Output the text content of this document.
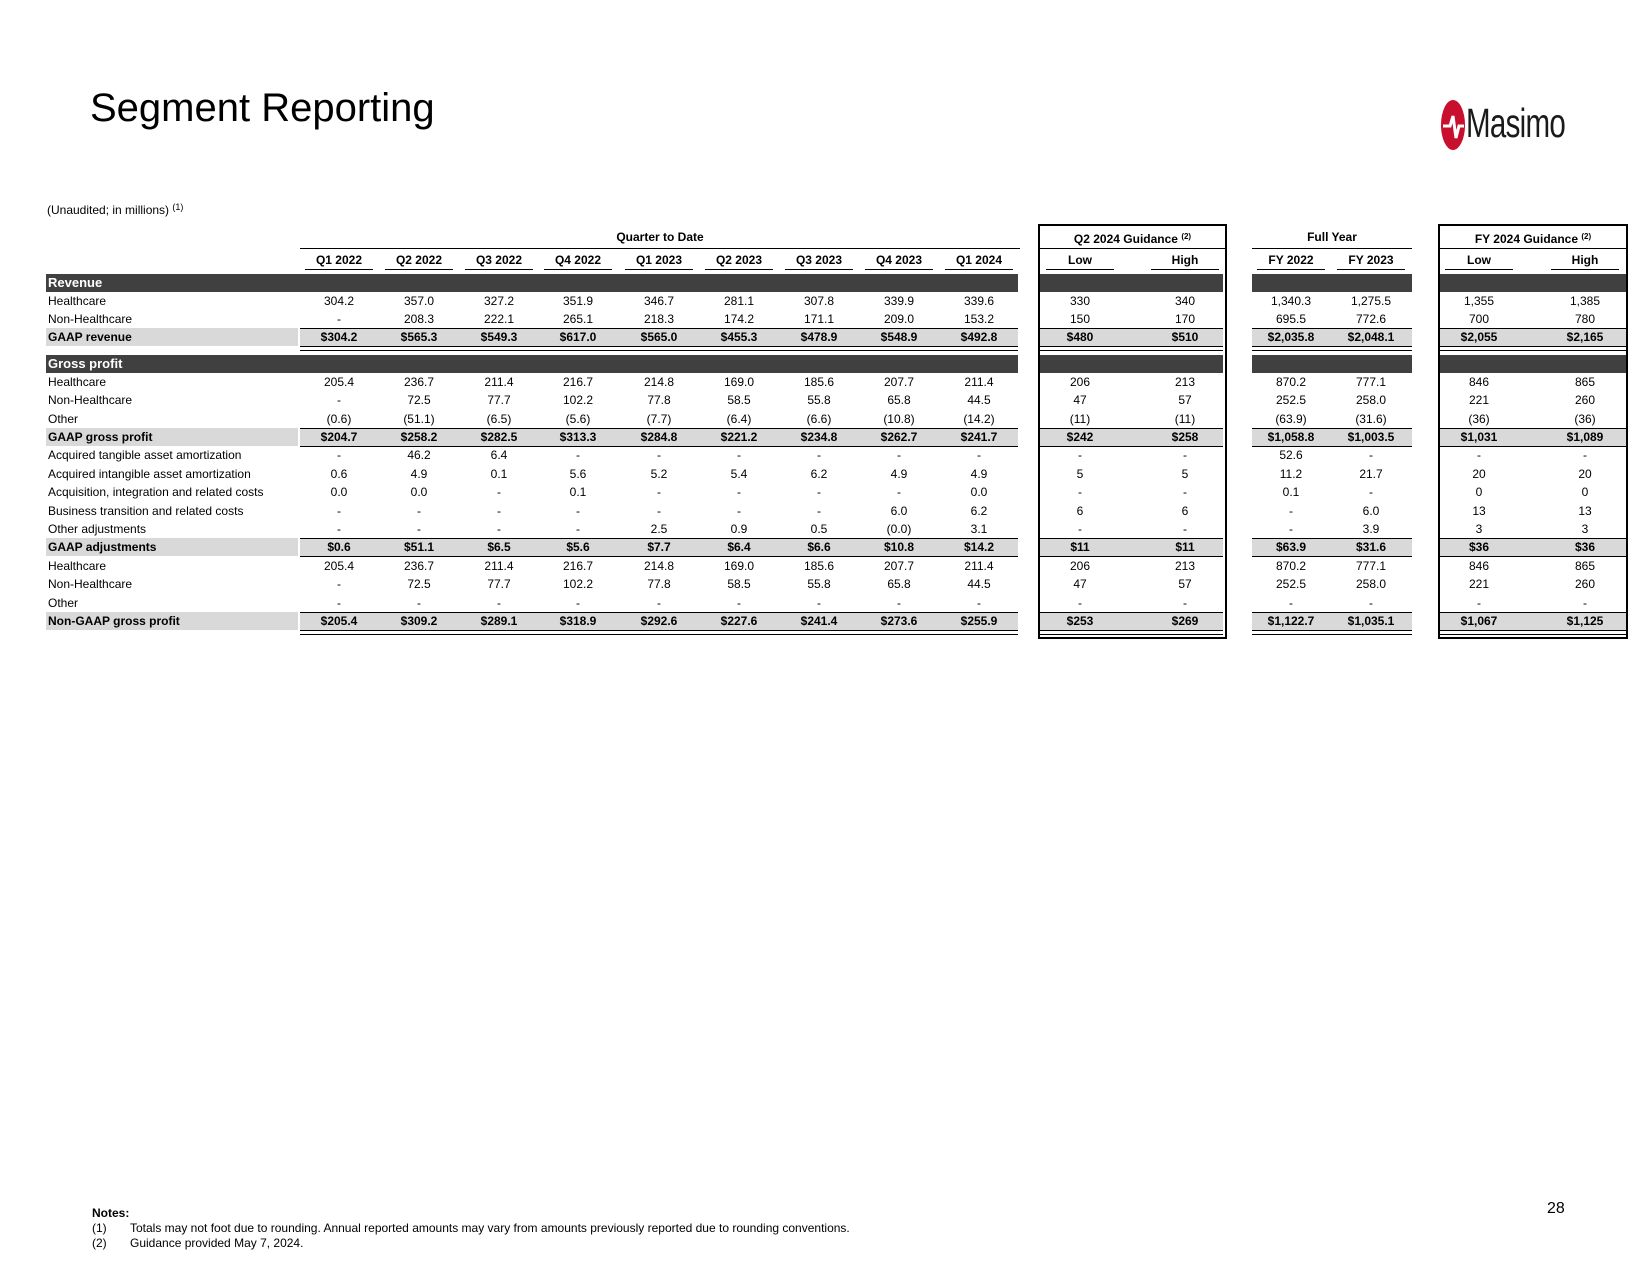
Segment Reporting	Masimo
(Unaudited; in millions) $^{(1)}$
Quarter to Date	Q2 2024 Guidance $^{(2)}$	Full Year	FY 2024 Guidance $^{(2)}$
Q1 2022	Q2 2022	Q3 2022	Q4 2022	Q1 2023	Q2 2023	Q3 2023	Q4 2023	Q1 2024	Low	High	FY 2022	FY 2023	Low	High
Revenue
Gross profit
Healthcare	304.2	357.0	327.2	351.9	346.7	281.1	307.8	339.9	339.6	330	340	1,340.3	1,275.5	1,355	1,385
Non-Healthcare	-	208.3	222.1	265.1	218.3	174.2	171.1	209.0	153.2	150	170	695.5	772.6	700	780
GAAP revenue	$304.2	$565.3	$549.3	$617.0	$565.0	$455.3	$478.9	$548.9	$492.8	$480	$510	$2,035.8	$2,048.1	$2,055	$2,165
Healthcare	205.4	236.7	211.4	216.7	214.8	169.0	185.6	207.7	211.4	206	213	870.2	777.1	846	865
Non-Healthcare	-	72.5	77.7	102.2	77.8	58.5	55.8	65.8	44.5	47	57	252.5	258.0	221	260
Other	(0.6)	(51.1)	(6.5)	(5.6)	(7.7)	(6.4)	(6.6)	(10.8)	(14.2)	(11)	(11)	(63.9)	(31.6)	(36)	(36)
GAAP gross profit	$204.7	$258.2	$282.5	$313.3	$284.8	$221.2	$234.8	$262.7	$241.7	$242	$258	$1,058.8	$1,003.5	$1,031	$1,089
Acquired tangible asset amortization	-	46.2	6.4	-	-	-	-	-	-	-	-	52.6	-	-	-
Acquired intangible asset amortization	0.6	4.9	0.1	5.6	5.2	5.4	6.2	4.9	4.9	5	5	11.2	21.7	20	20
Acquisition, integration and related costs	0.0	0.0	-	0.1	-	-	-	-	0.0	-	-	0.1	-	0	0
Business transition and related costs	-	-	-	-	-	-	-	6.0	6.2	6	6	-	6.0	13	13
Other adjustments	-	-	-	-	2.5	0.9	0.5	(0.0)	3.1	-	-	-	3.9	3	3
GAAP adjustments	$0.6	$51.1	$6.5	$5.6	$7.7	$6.4	$6.6	$10.8	$14.2	$11	$11	$63.9	$31.6	$36	$36
Healthcare	205.4	236.7	211.4	216.7	214.8	169.0	185.6	207.7	211.4	206	213	870.2	777.1	846	865
Non-Healthcare	-	72.5	77.7	102.2	77.8	58.5	55.8	65.8	44.5	47	57	252.5	258.0	221	260
Other	-	-	-	-	-	-	-	-	-	-	-	-	-	-	-
Non-GAAP gross profit	$205.4	$309.2	$289.1	$318.9	$292.6	$227.6	$241.4	$273.6	$255.9	$253	$269	$1,122.7	$1,035.1	$1,067	$1,125
Notes:
(1) Totals may not foot due to rounding. Annual reported amounts may vary from amounts previously reported due to rounding conventions.
(2) Guidance provided May 7, 2024.
28
